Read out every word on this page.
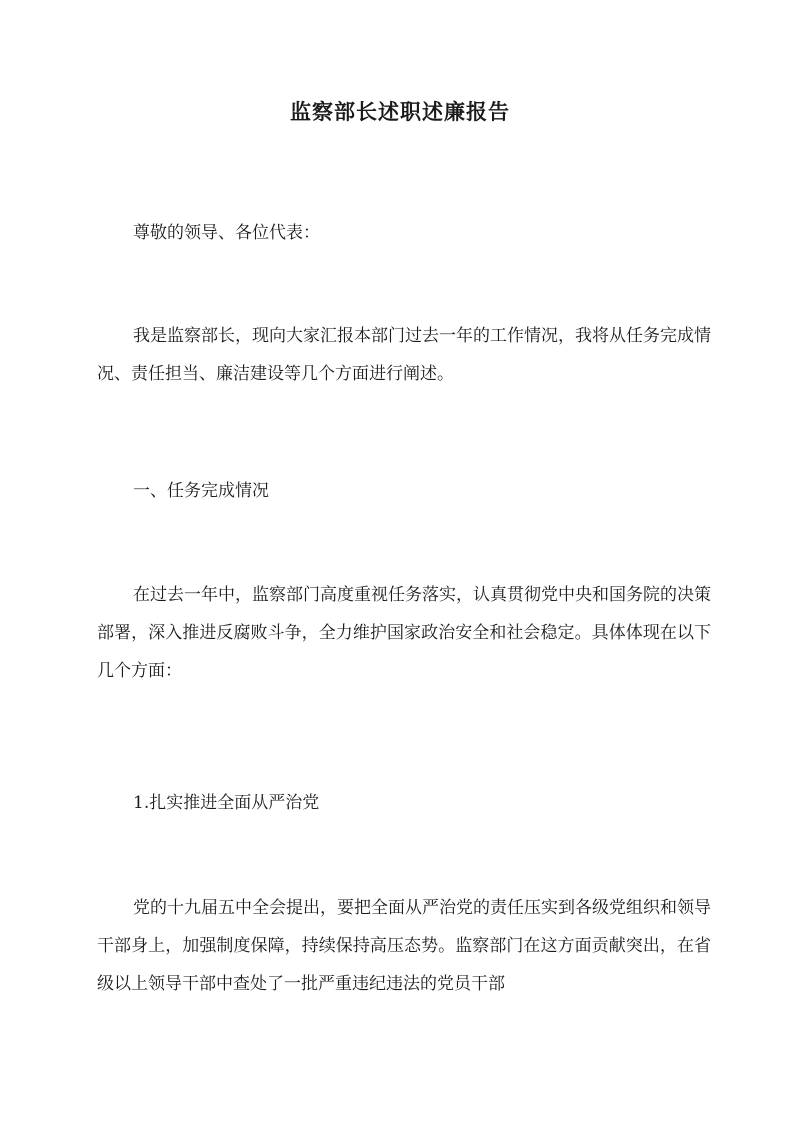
监察部长述职述廉报告

尊敬的领导、各位代表：

我是监察部长，现向大家汇报本部门过去一年的工作情况，我将从任务完成情况、责任担当、廉洁建设等几个方面进行阐述。

一、任务完成情况

在过去一年中，监察部门高度重视任务落实，认真贯彻党中央和国务院的决策部署，深入推进反腐败斗争，全力维护国家政治安全和社会稳定。具体体现在以下几个方面：

1.扎实推进全面从严治党

党的十九届五中全会提出，要把全面从严治党的责任压实到各级党组织和领导干部身上，加强制度保障，持续保持高压态势。监察部门在这方面贡献突出，在省级以上领导干部中查处了一批严重违纪违法的党员干部
